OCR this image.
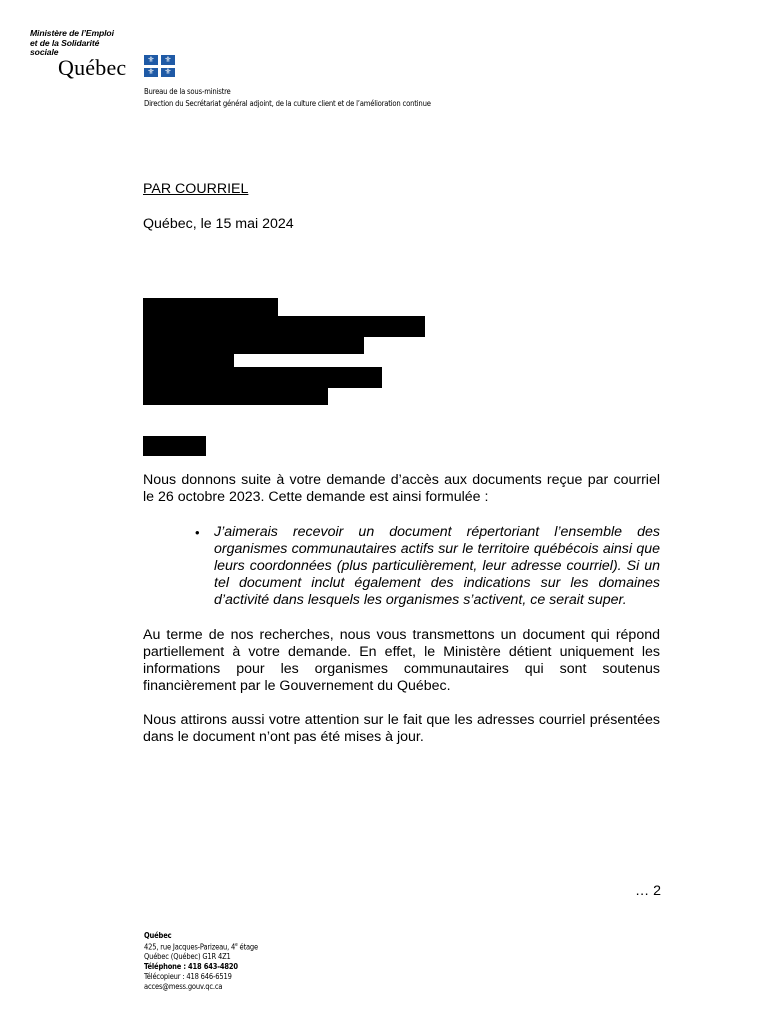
Ministère de l’Emploi
et de la Solidarité
sociale
Québec	⚜	⚜
⚜	⚜
Bureau de la sous-ministre
Direction du Secrétariat général adjoint, de la culture client et de l’amélioration continue
PAR COURRIEL
Québec, le 15 mai 2024
Nous donnons suite à votre demande d’accès aux documents reçue par courriel le 26 octobre 2023. Cette demande est ainsi formulée :
• J’aimerais recevoir un document répertoriant l’ensemble des organismes communautaires actifs sur le territoire québécois ainsi que leurs coordonnées (plus particulièrement, leur adresse courriel). Si un tel document inclut également des indications sur les domaines d’activité dans lesquels les organismes s’activent, ce serait super.
Au terme de nos recherches, nous vous transmettons un document qui répond partiellement à votre demande. En effet, le Ministère détient uniquement les informations pour les organismes communautaires qui sont soutenus financièrement par le Gouvernement du Québec.
Nous attirons aussi votre attention sur le fait que les adresses courriel présentées dans le document n’ont pas été mises à jour.
… 2
Québec
425, rue Jacques-Parizeau, 4e étage
Québec (Québec) G1R 4Z1
Téléphone : 418 643-4820
Télécopieur : 418 646-6519
acces@mess.gouv.qc.ca
